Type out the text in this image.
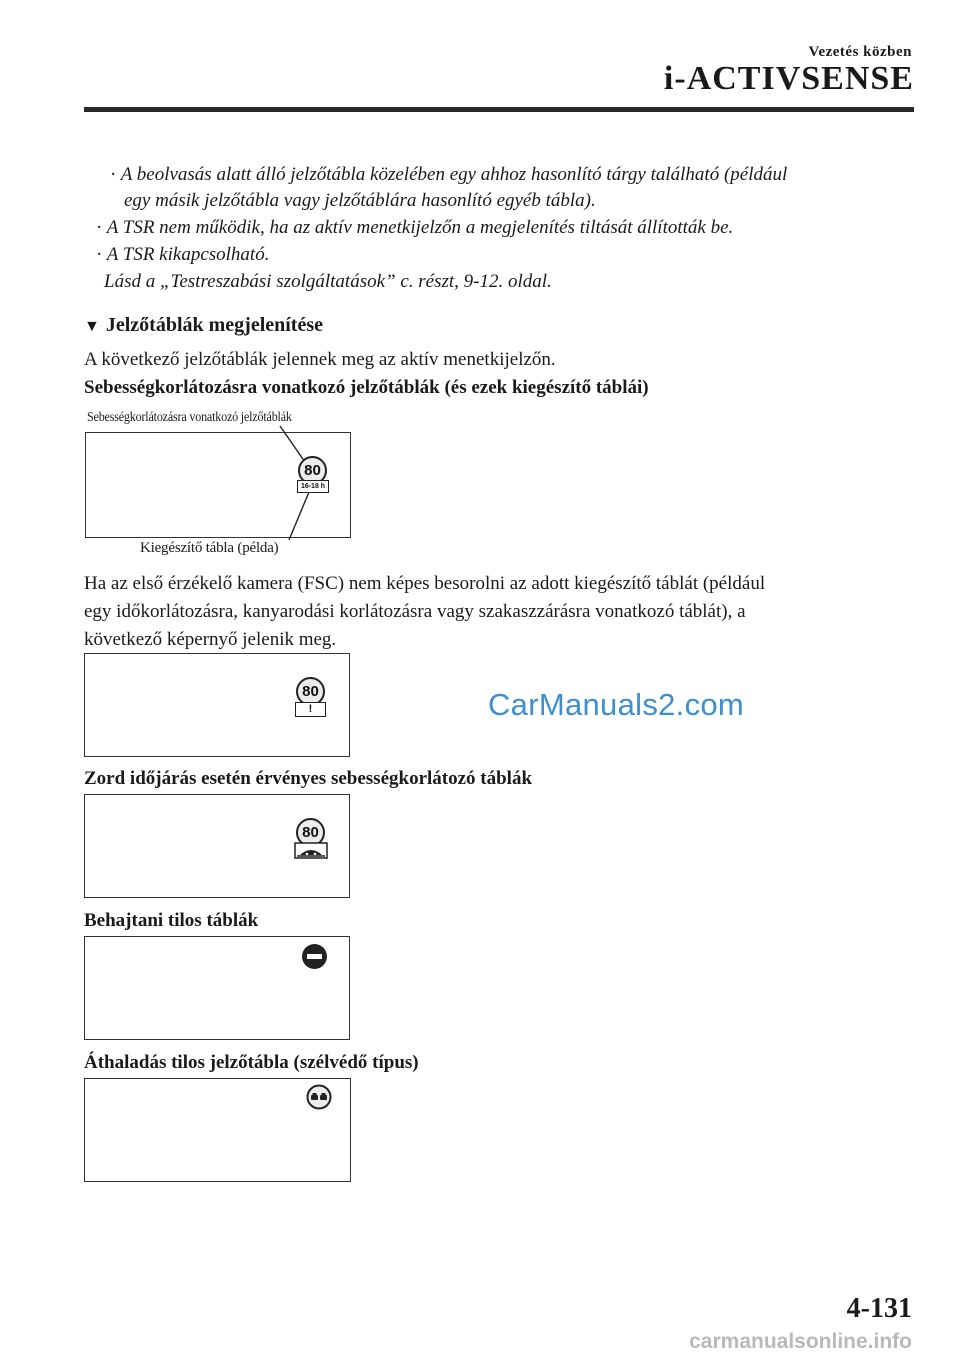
Vezetés közben
i-ACTIVSENSE
· A beolvasás alatt álló jelzőtábla közelében egy ahhoz hasonlító tárgy található (például
egy másik jelzőtábla vagy jelzőtáblára hasonlító egyéb tábla).
· A TSR nem működik, ha az aktív menetkijelzőn a megjelenítés tiltását állították be.
· A TSR kikapcsolható.
Lásd a „Testreszabási szolgáltatások” c. részt, 9-12. oldal.
▼ Jelzőtáblák megjelenítése
A következő jelzőtáblák jelennek meg az aktív menetkijelzőn.
Sebességkorlátozásra vonatkozó jelzőtáblák (és ezek kiegészítő táblái)
Sebességkorlátozásra vonatkozó jelzőtáblák
80
16-18 h
Kiegészítő tábla (példa)
Ha az első érzékelő kamera (FSC) nem képes besorolni az adott kiegészítő táblát (például
egy időkorlátozásra, kanyarodási korlátozásra vagy szakaszzárásra vonatkozó táblát), a
következő képernyő jelenik meg.
80
!	CarManuals2.com
Zord időjárás esetén érvényes sebességkorlátozó táblák
80
Behajtani tilos táblák
Áthaladás tilos jelzőtábla (szélvédő típus)
4-131
carmanualsonline.info
